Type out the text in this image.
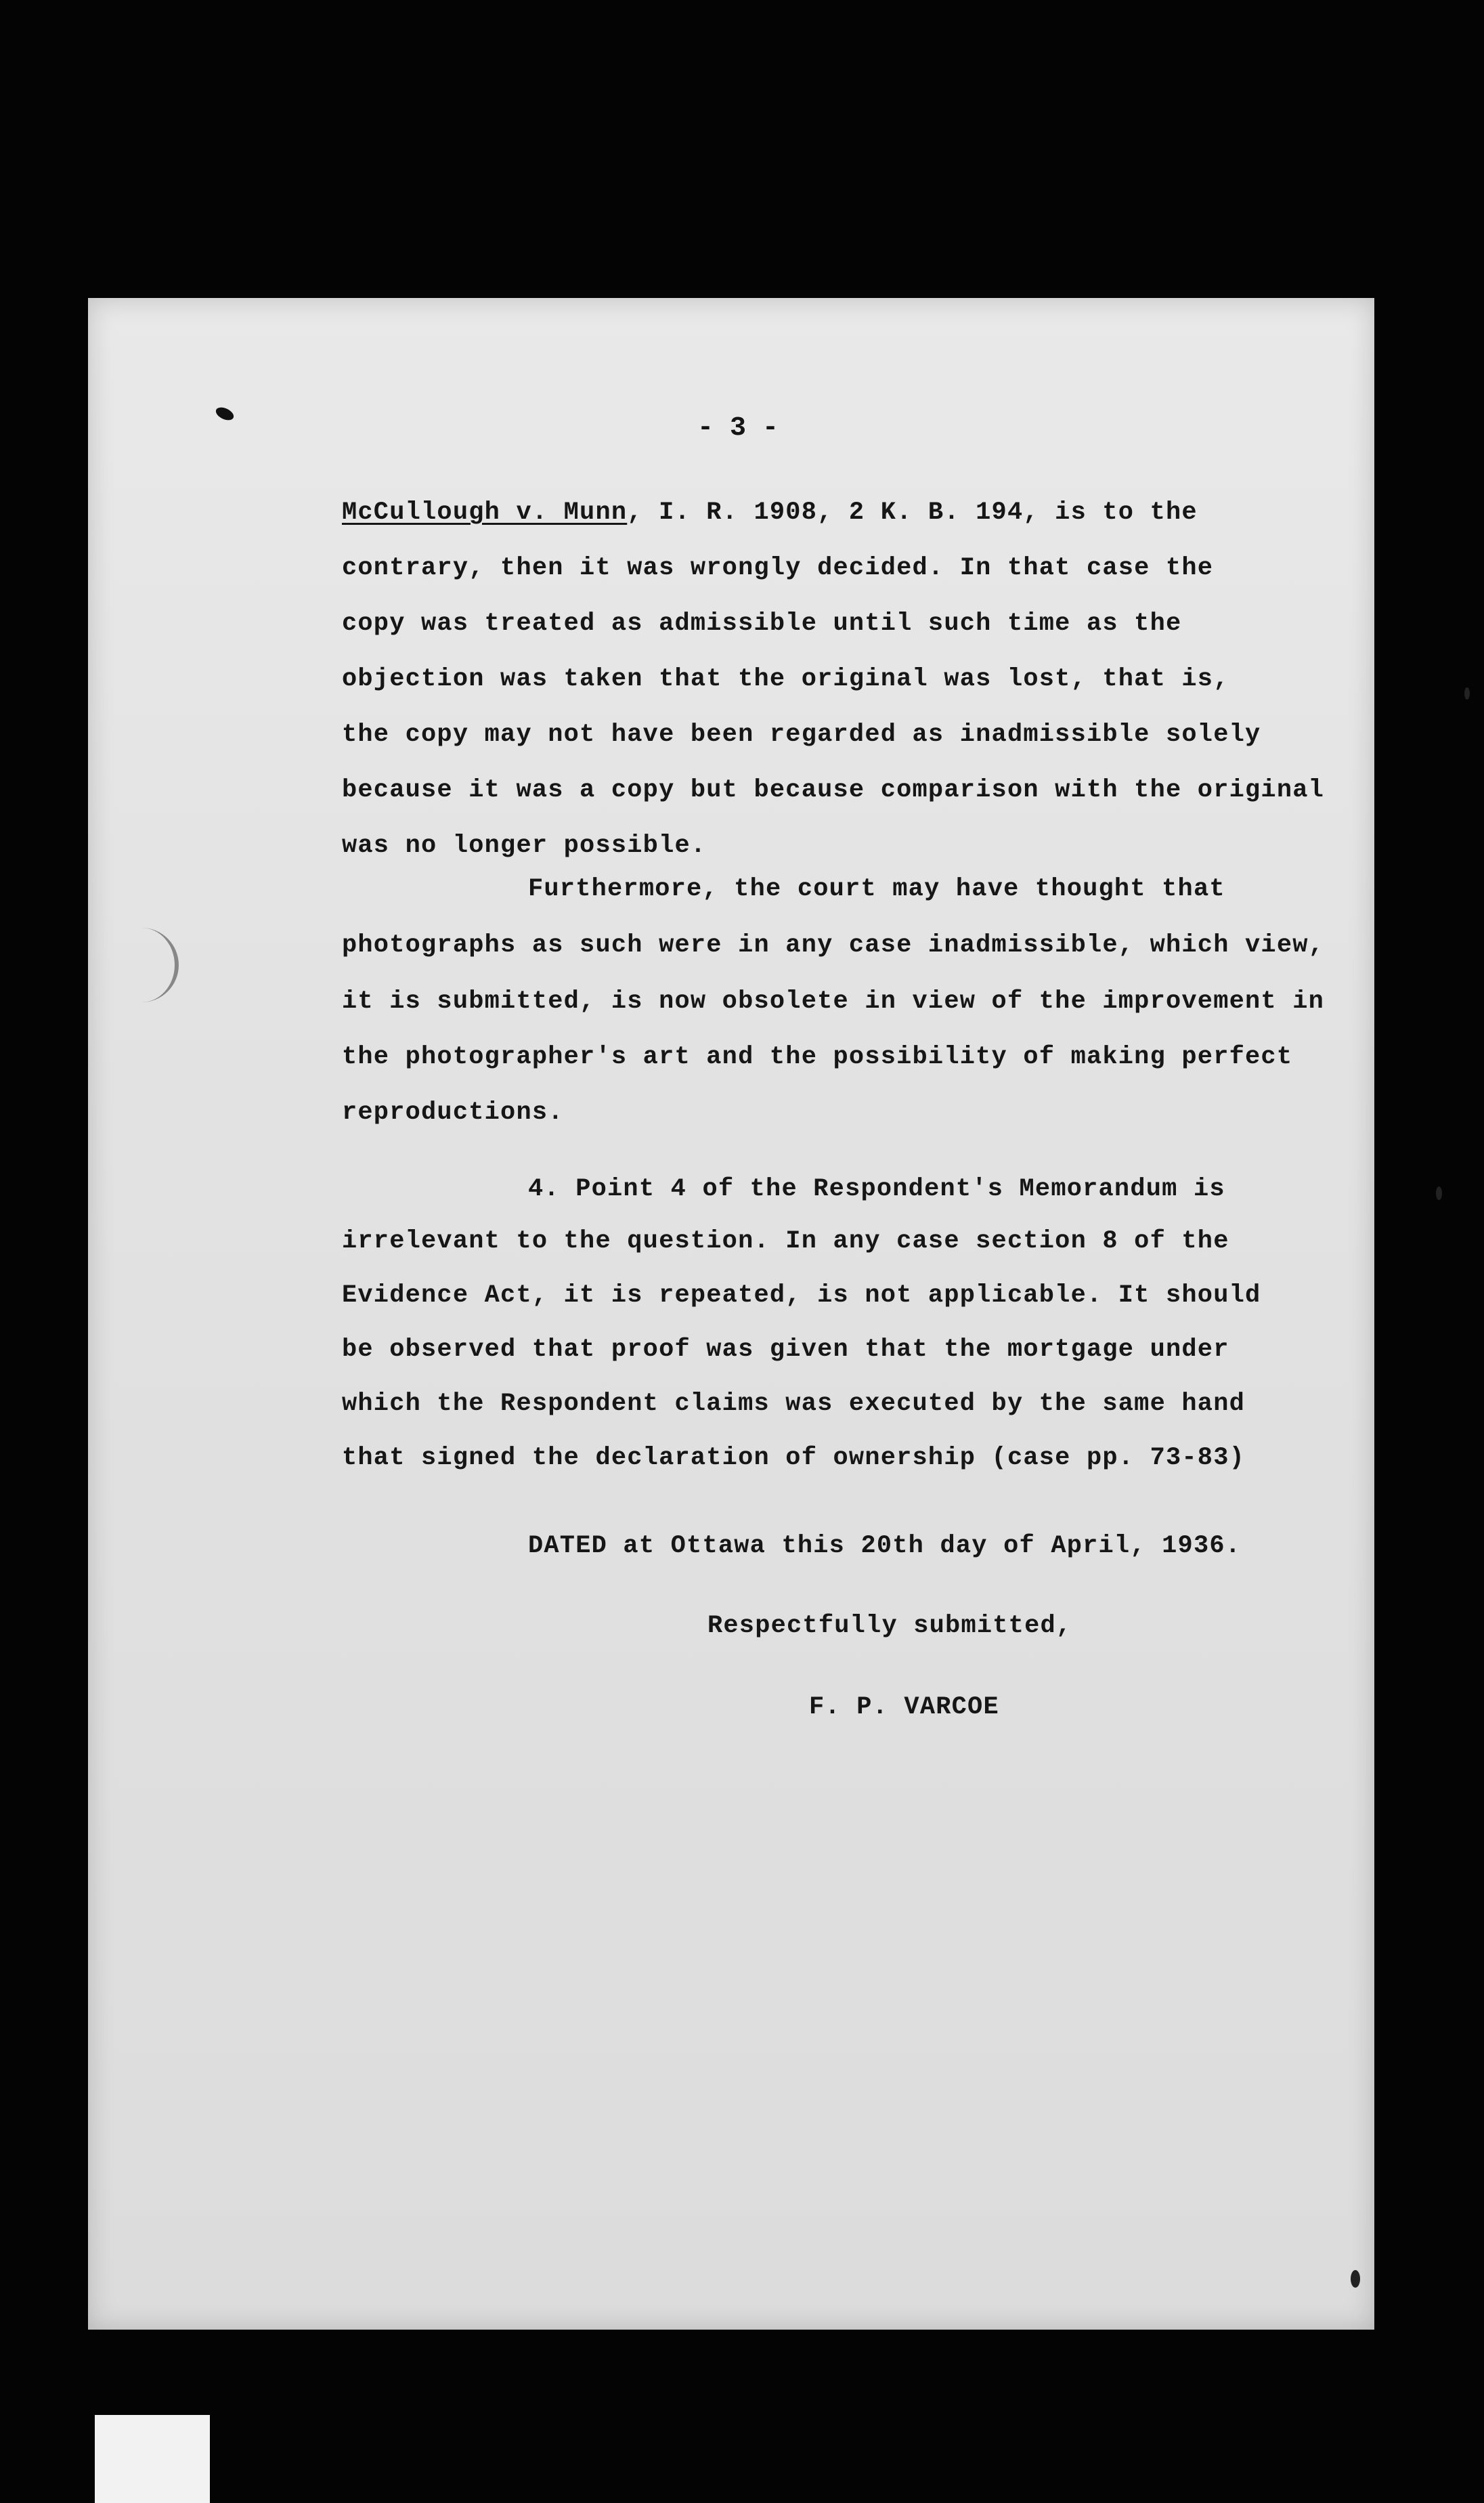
- 3 -
McCullough v. Munn, I. R. 1908, 2 K. B. 194, is to the
contrary, then it was wrongly decided. In that case the
copy was treated as admissible until such time as the
objection was taken that the original was lost, that is,
the copy may not have been regarded as inadmissible solely
because it was a copy but because comparison with the original
was no longer possible.
Furthermore, the court may have thought that
photographs as such were in any case inadmissible, which view,
it is submitted, is now obsolete in view of the improvement in
the photographer's art and the possibility of making perfect
reproductions.
4. Point 4 of the Respondent's Memorandum is
irrelevant to the question. In any case section 8 of the
Evidence Act, it is repeated, is not applicable. It should
be observed that proof was given that the mortgage under
which the Respondent claims was executed by the same hand
that signed the declaration of ownership (case pp. 73-83)
DATED at Ottawa this 20th day of April, 1936.
Respectfully submitted,
F. P. VARCOE
